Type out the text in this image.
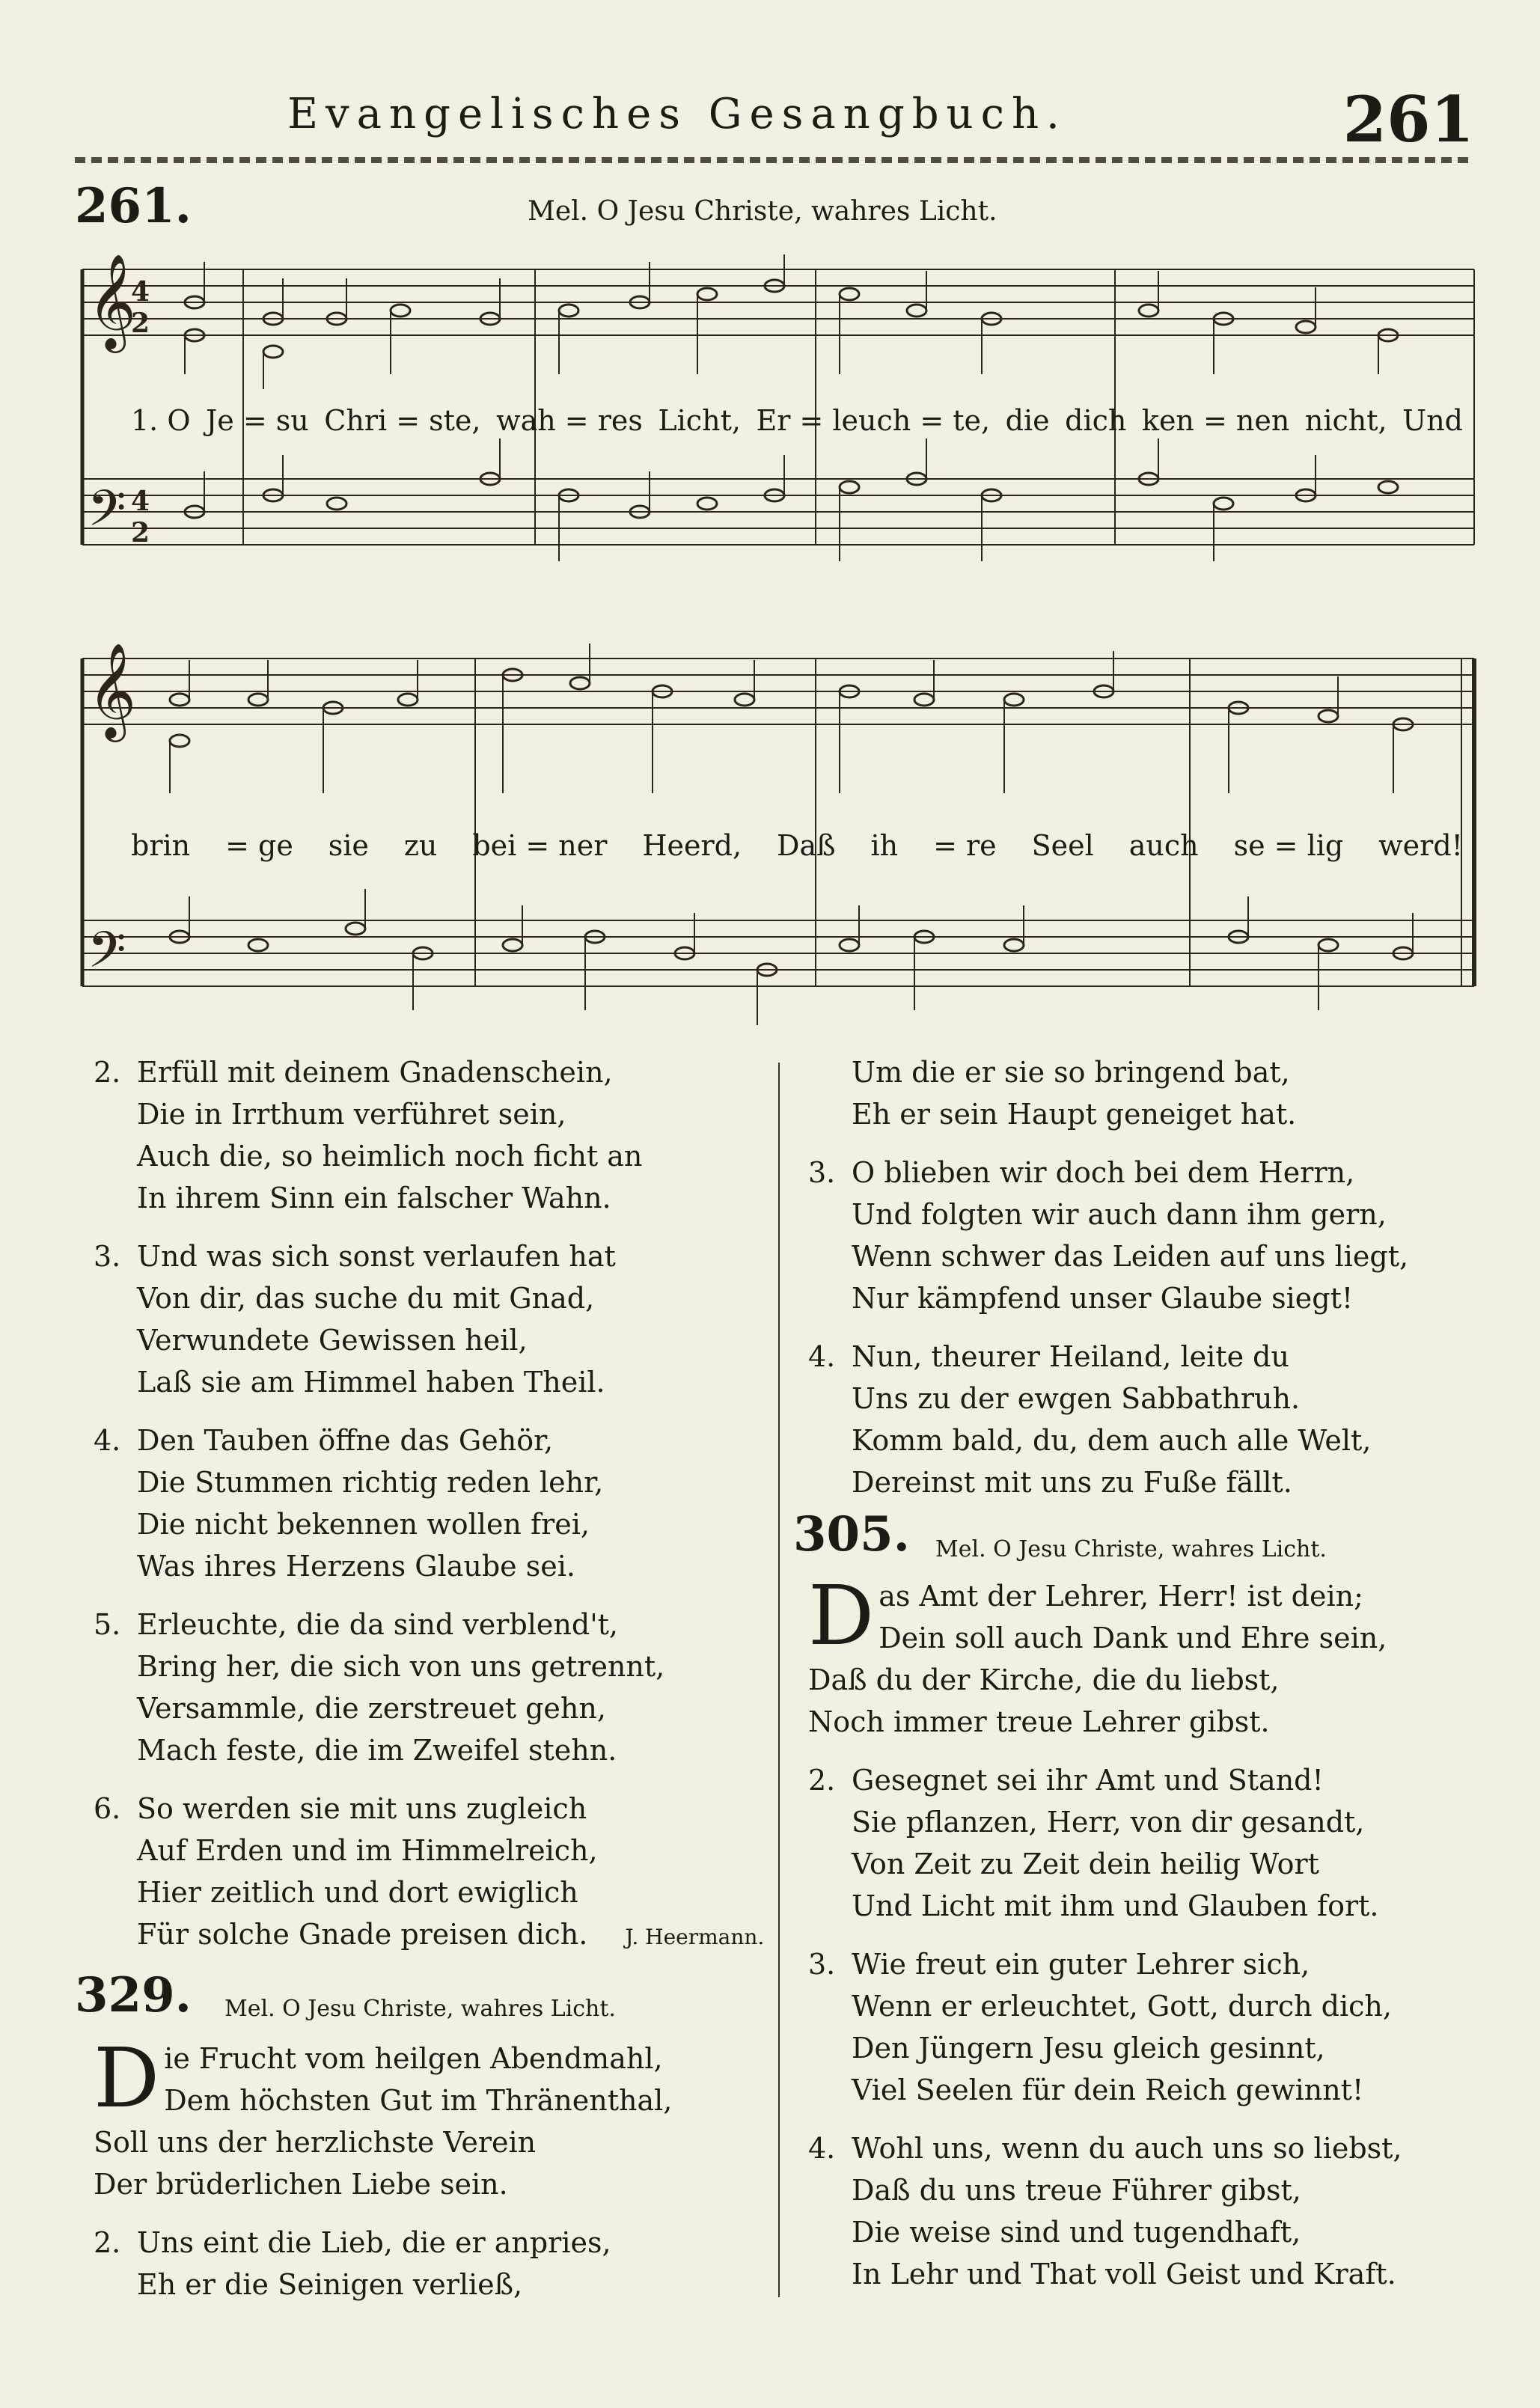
Evangelisches Gesangbuch.	261
261.	Mel. O Jesu Christe, wahres Licht.
𝄞
4
2
𝄢 4
2
1. O Je = su Chri = ste, wah = res Licht, Er = leuch = te, die dich ken = nen nicht, Und
𝄞
𝄢
brin = ge sie zu bei = ner Heerd, Daß ih = re Seel auch se = lig werd!
2. Erfüll mit deinem Gnadenschein,
Die in Irrthum verführet sein,
Auch die, so heimlich noch ficht an
In ihrem Sinn ein falscher Wahn.
3. Und was sich sonst verlaufen hat
Von dir, das suche du mit Gnad,
Verwundete Gewissen heil,
Laß sie am Himmel haben Theil.
4. Den Tauben öffne das Gehör,
Die Stummen richtig reden lehr,
Die nicht bekennen wollen frei,
Was ihres Herzens Glaube sei.
5. Erleuchte, die da sind verblend't,
Bring her, die sich von uns getrennt,
Versammle, die zerstreuet gehn,
Mach feste, die im Zweifel stehn.
6. So werden sie mit uns zugleich
Auf Erden und im Himmelreich,
Hier zeitlich und dort ewiglich
Für solche Gnade preisen dich. J. Heermann.
329. Mel. O Jesu Christe, wahres Licht.
D ie Frucht vom heilgen Abendmahl,
Dem höchsten Gut im Thränenthal,
Soll uns der herzlichste Verein
Der brüderlichen Liebe sein.
2. Uns eint die Lieb, die er anpries,
Eh er die Seinigen verließ,
Um die er sie so bringend bat,
Eh er sein Haupt geneiget hat.
3. O blieben wir doch bei dem Herrn,
Und folgten wir auch dann ihm gern,
Wenn schwer das Leiden auf uns liegt,
Nur kämpfend unser Glaube siegt!
4. Nun, theurer Heiland, leite du
Uns zu der ewgen Sabbathruh.
Komm bald, du, dem auch alle Welt,
Dereinst mit uns zu Fuße fällt.
305. Mel. O Jesu Christe, wahres Licht.
D as Amt der Lehrer, Herr! ist dein;
Dein soll auch Dank und Ehre sein,
Daß du der Kirche, die du liebst,
Noch immer treue Lehrer gibst.
2. Gesegnet sei ihr Amt und Stand!
Sie pflanzen, Herr, von dir gesandt,
Von Zeit zu Zeit dein heilig Wort
Und Licht mit ihm und Glauben fort.
3. Wie freut ein guter Lehrer sich,
Wenn er erleuchtet, Gott, durch dich,
Den Jüngern Jesu gleich gesinnt,
Viel Seelen für dein Reich gewinnt!
4. Wohl uns, wenn du auch uns so liebst,
Daß du uns treue Führer gibst,
Die weise sind und tugendhaft,
In Lehr und That voll Geist und Kraft.
